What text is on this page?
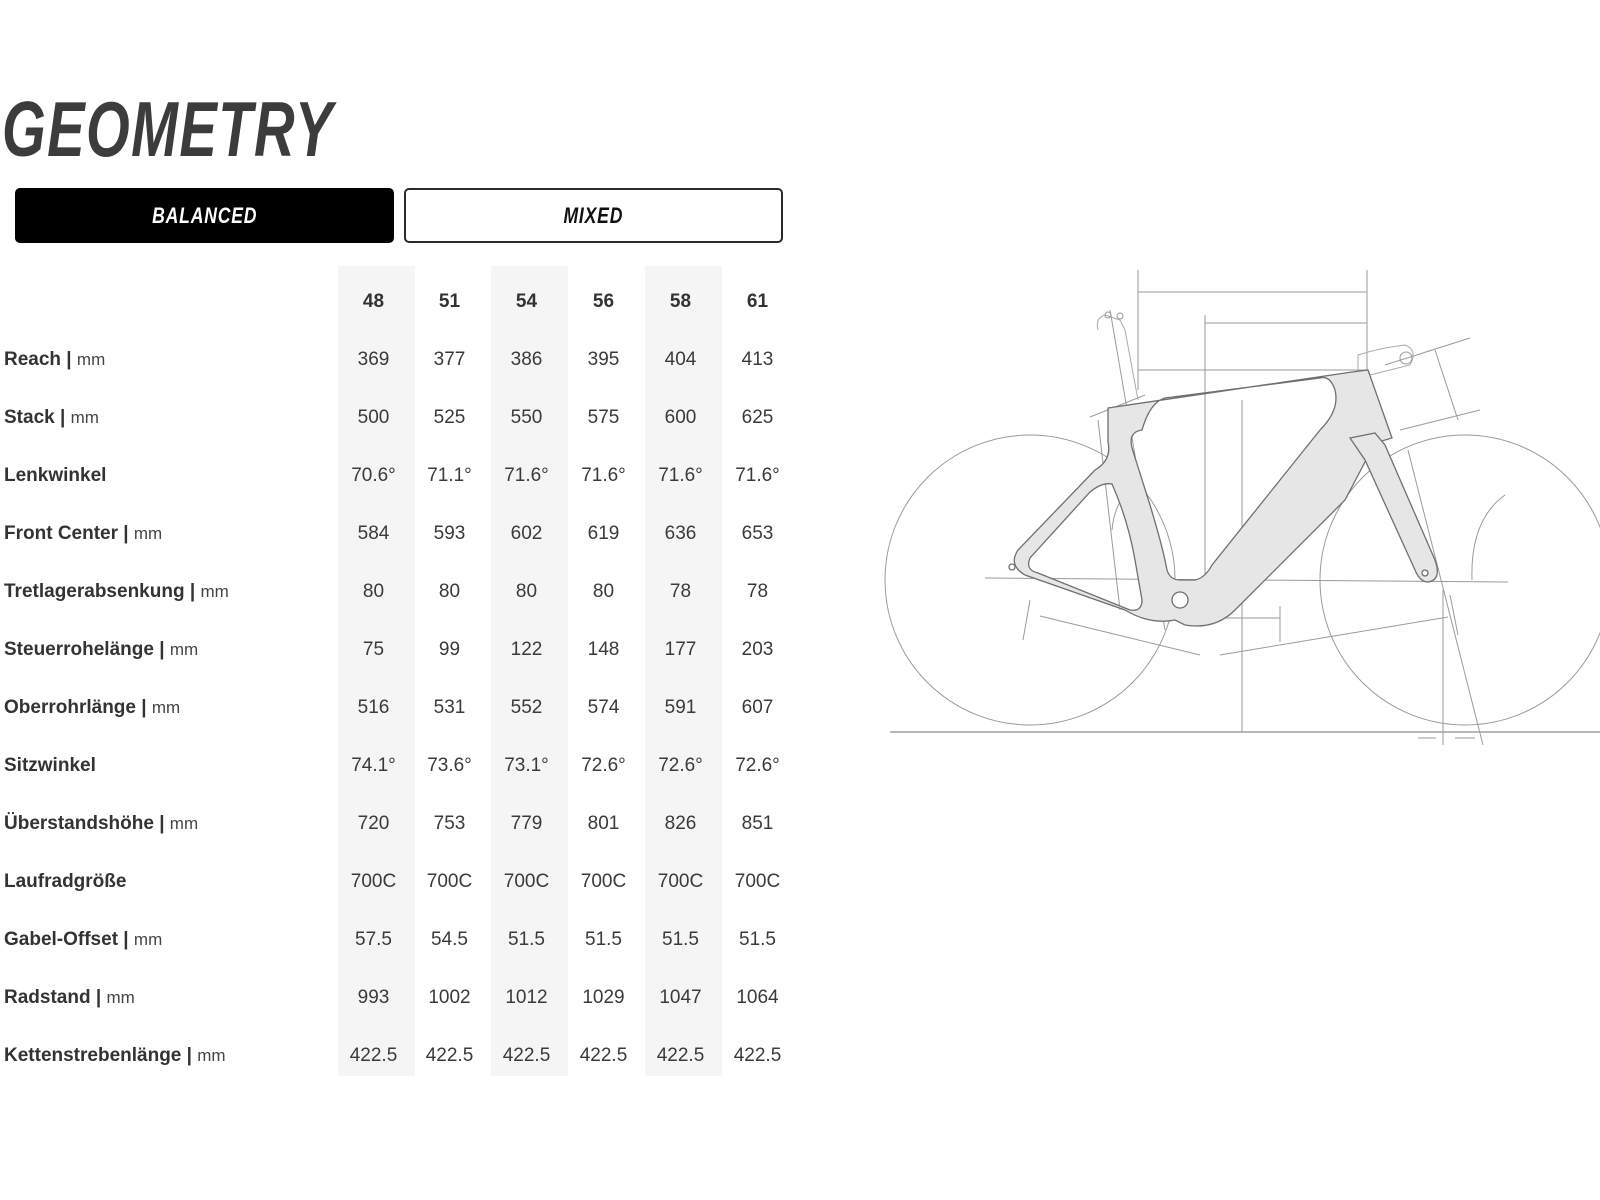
GEOMETRY
BALANCED	MIXED
48	51	54	56	58	61
Reach | mm	369	377	386	395	404	413
Stack | mm	500	525	550	575	600	625
Lenkwinkel	70.6°	71.1°	71.6°	71.6°	71.6°	71.6°
Front Center | mm	584	593	602	619	636	653
Tretlagerabsenkung | mm	80	80	80	80	78	78
Steuerrohelänge | mm	75	99	122	148	177	203
Oberrohrlänge | mm	516	531	552	574	591	607
Sitzwinkel	74.1°	73.6°	73.1°	72.6°	72.6°	72.6°
Überstandshöhe | mm	720	753	779	801	826	851
Laufradgröße	700C	700C	700C	700C	700C	700C
Gabel-Offset | mm	57.5	54.5	51.5	51.5	51.5	51.5
Radstand | mm	993	1002	1012	1029	1047	1064
Kettenstrebenlänge | mm	422.5	422.5	422.5	422.5	422.5	422.5
